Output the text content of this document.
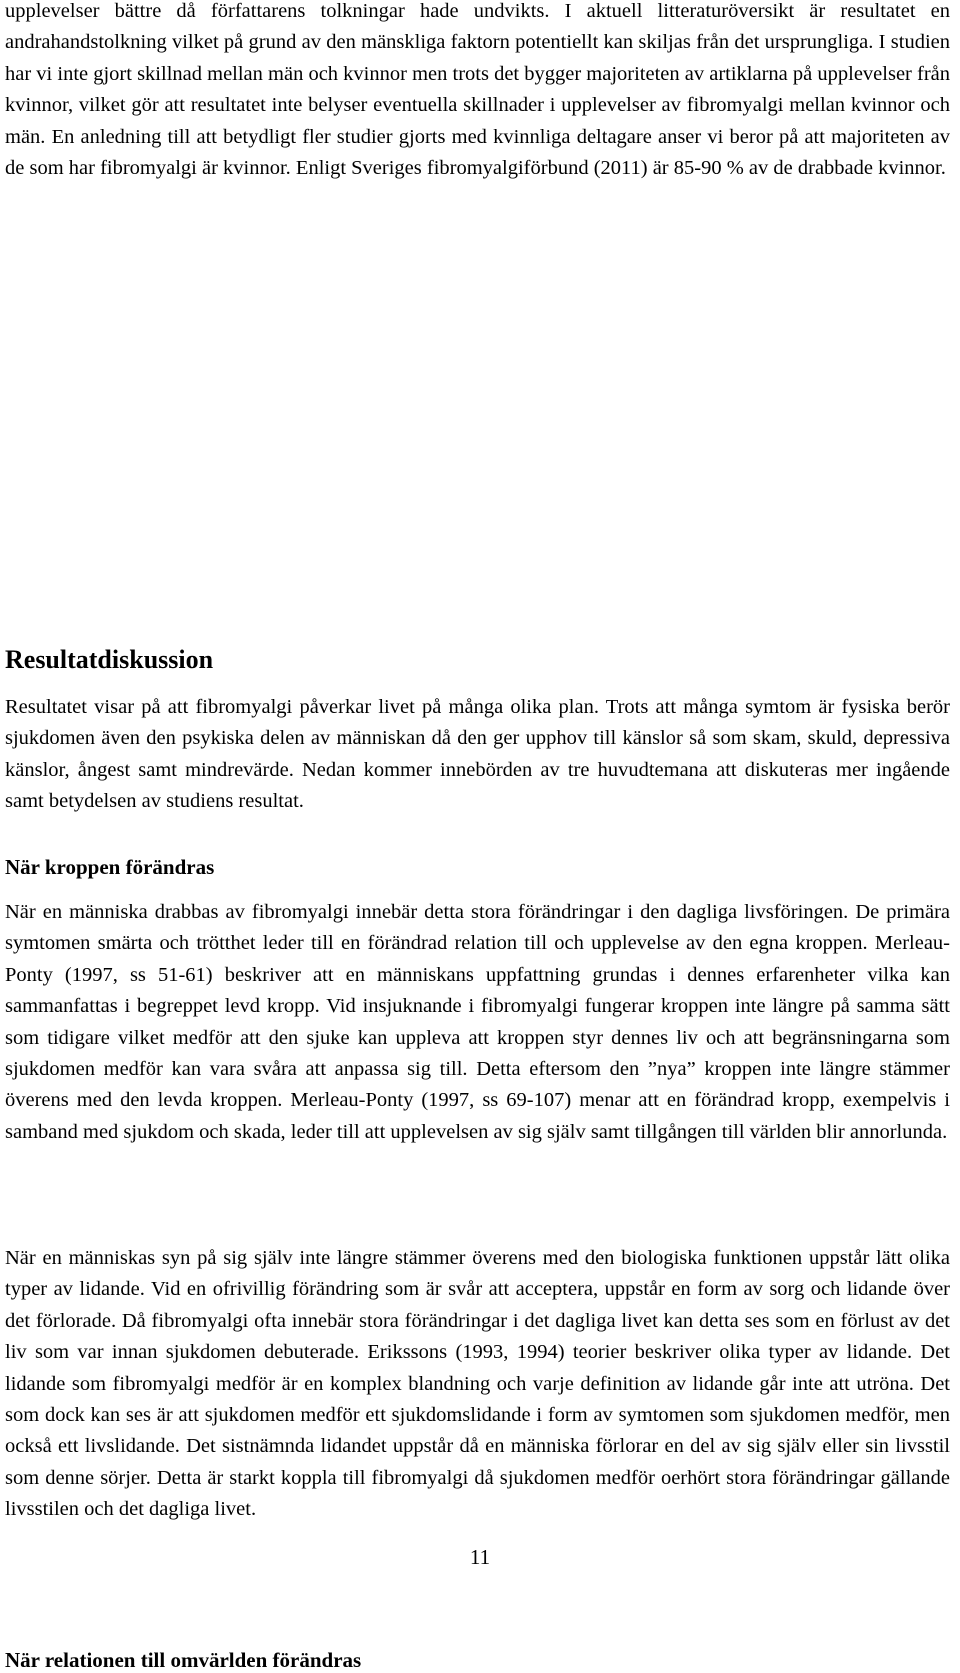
upplevelser bättre då författarens tolkningar hade undvikts. I aktuell litteraturöversikt är resultatet en andrahandstolkning vilket på grund av den mänskliga faktorn potentiellt kan skiljas från det ursprungliga. I studien har vi inte gjort skillnad mellan män och kvinnor men trots det bygger majoriteten av artiklarna på upplevelser från kvinnor, vilket gör att resultatet inte belyser eventuella skillnader i upplevelser av fibromyalgi mellan kvinnor och män. En anledning till att betydligt fler studier gjorts med kvinnliga deltagare anser vi beror på att majoriteten av de som har fibromyalgi är kvinnor. Enligt Sveriges fibromyalgiförbund (2011) är 85-90 % av de drabbade kvinnor.

Resultatdiskussion

Resultatet visar på att fibromyalgi påverkar livet på många olika plan. Trots att många symtom är fysiska berör sjukdomen även den psykiska delen av människan då den ger upphov till känslor så som skam, skuld, depressiva känslor, ångest samt mindrevärde. Nedan kommer innebörden av tre huvudtemana att diskuteras mer ingående samt betydelsen av studiens resultat.

När kroppen förändras

När en människa drabbas av fibromyalgi innebär detta stora förändringar i den dagliga livsföringen. De primära symtomen smärta och trötthet leder till en förändrad relation till och upplevelse av den egna kroppen. Merleau-Ponty (1997, ss 51-61) beskriver att en människans uppfattning grundas i dennes erfarenheter vilka kan sammanfattas i begreppet levd kropp. Vid insjuknande i fibromyalgi fungerar kroppen inte längre på samma sätt som tidigare vilket medför att den sjuke kan uppleva att kroppen styr dennes liv och att begränsningarna som sjukdomen medför kan vara svåra att anpassa sig till. Detta eftersom den ”nya” kroppen inte längre stämmer överens med den levda kroppen. Merleau-Ponty (1997, ss 69-107) menar att en förändrad kropp, exempelvis i samband med sjukdom och skada, leder till att upplevelsen av sig själv samt tillgången till världen blir annorlunda.

När en människas syn på sig själv inte längre stämmer överens med den biologiska funktionen uppstår lätt olika typer av lidande. Vid en ofrivillig förändring som är svår att acceptera, uppstår en form av sorg och lidande över det förlorade. Då fibromyalgi ofta innebär stora förändringar i det dagliga livet kan detta ses som en förlust av det liv som var innan sjukdomen debuterade. Erikssons (1993, 1994) teorier beskriver olika typer av lidande. Det lidande som fibromyalgi medför är en komplex blandning och varje definition av lidande går inte att utröna. Det som dock kan ses är att sjukdomen medför ett sjukdomslidande i form av symtomen som sjukdomen medför, men också ett livslidande. Det sistnämnda lidandet uppstår då en människa förlorar en del av sig själv eller sin livsstil som denne sörjer. Detta är starkt koppla till fibromyalgi då sjukdomen medför oerhört stora förändringar gällande livsstilen och det dagliga livet.

När relationen till omvärlden förändras
11
